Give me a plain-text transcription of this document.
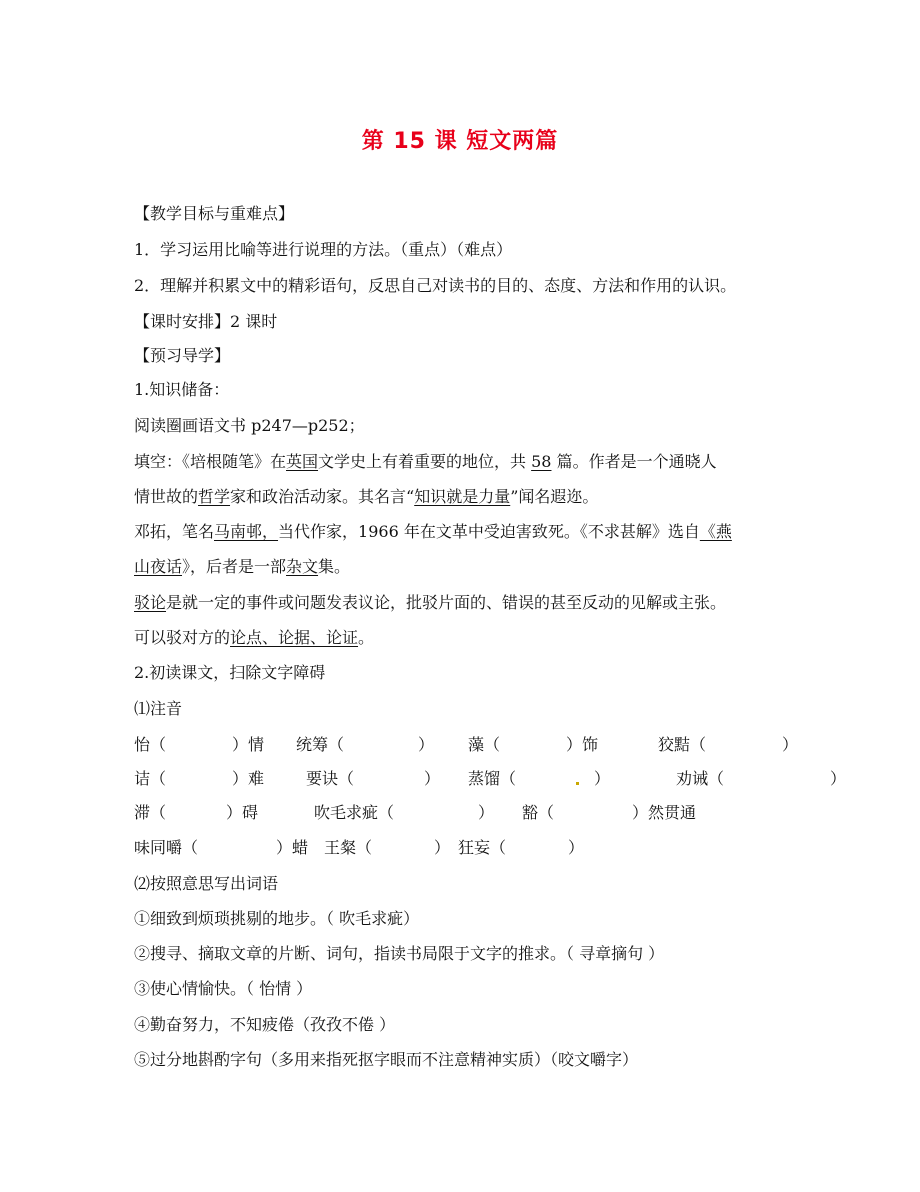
第 15 课 短文两篇
【教学目标与重难点】
1．学习运用比喻等进行说理的方法。（重点）（难点）
2．理解并积累文中的精彩语句，反思自己对读书的目的、态度、方法和作用的认识。
【课时安排】2 课时
【预习导学】
1.知识储备：
阅读圈画语文书 p247—p252；
填空：《培根随笔》在英国文学史上有着重要的地位，共 58 篇。作者是一个通晓人
情世故的哲学家和政治活动家。其名言“知识就是力量”闻名遐迩。
邓拓，笔名马南邨，当代作家，1966 年在文革中受迫害致死。《不求甚解》选自《燕
山夜话》，后者是一部杂文集。
驳论是就一定的事件或问题发表议论，批驳片面的、错误的甚至反动的见解或主张。
可以驳对方的论点、论据、论证。
2.初读课文，扫除文字障碍
⑴注音
怡（	）情 统筹（	） 藻（	）饰	狡黠（	）
诘（	）难	要诀（	） 蒸馏（	）	劝诫（	）
滞（	）碍	吹毛求疵（	） 豁（	）然贯通
味同嚼（	）蜡 王粲（	） 狂妄（	）
⑵按照意思写出词语
①细致到烦琐挑剔的地步。（ 吹毛求疵）
②搜寻、摘取文章的片断、词句，指读书局限于文字的推求。（ 寻章摘句 ）
③使心情愉快。（ 怡情 ）
④勤奋努力，不知疲倦（孜孜不倦 ）
⑤过分地斟酌字句（多用来指死抠字眼而不注意精神实质）（咬文嚼字）
